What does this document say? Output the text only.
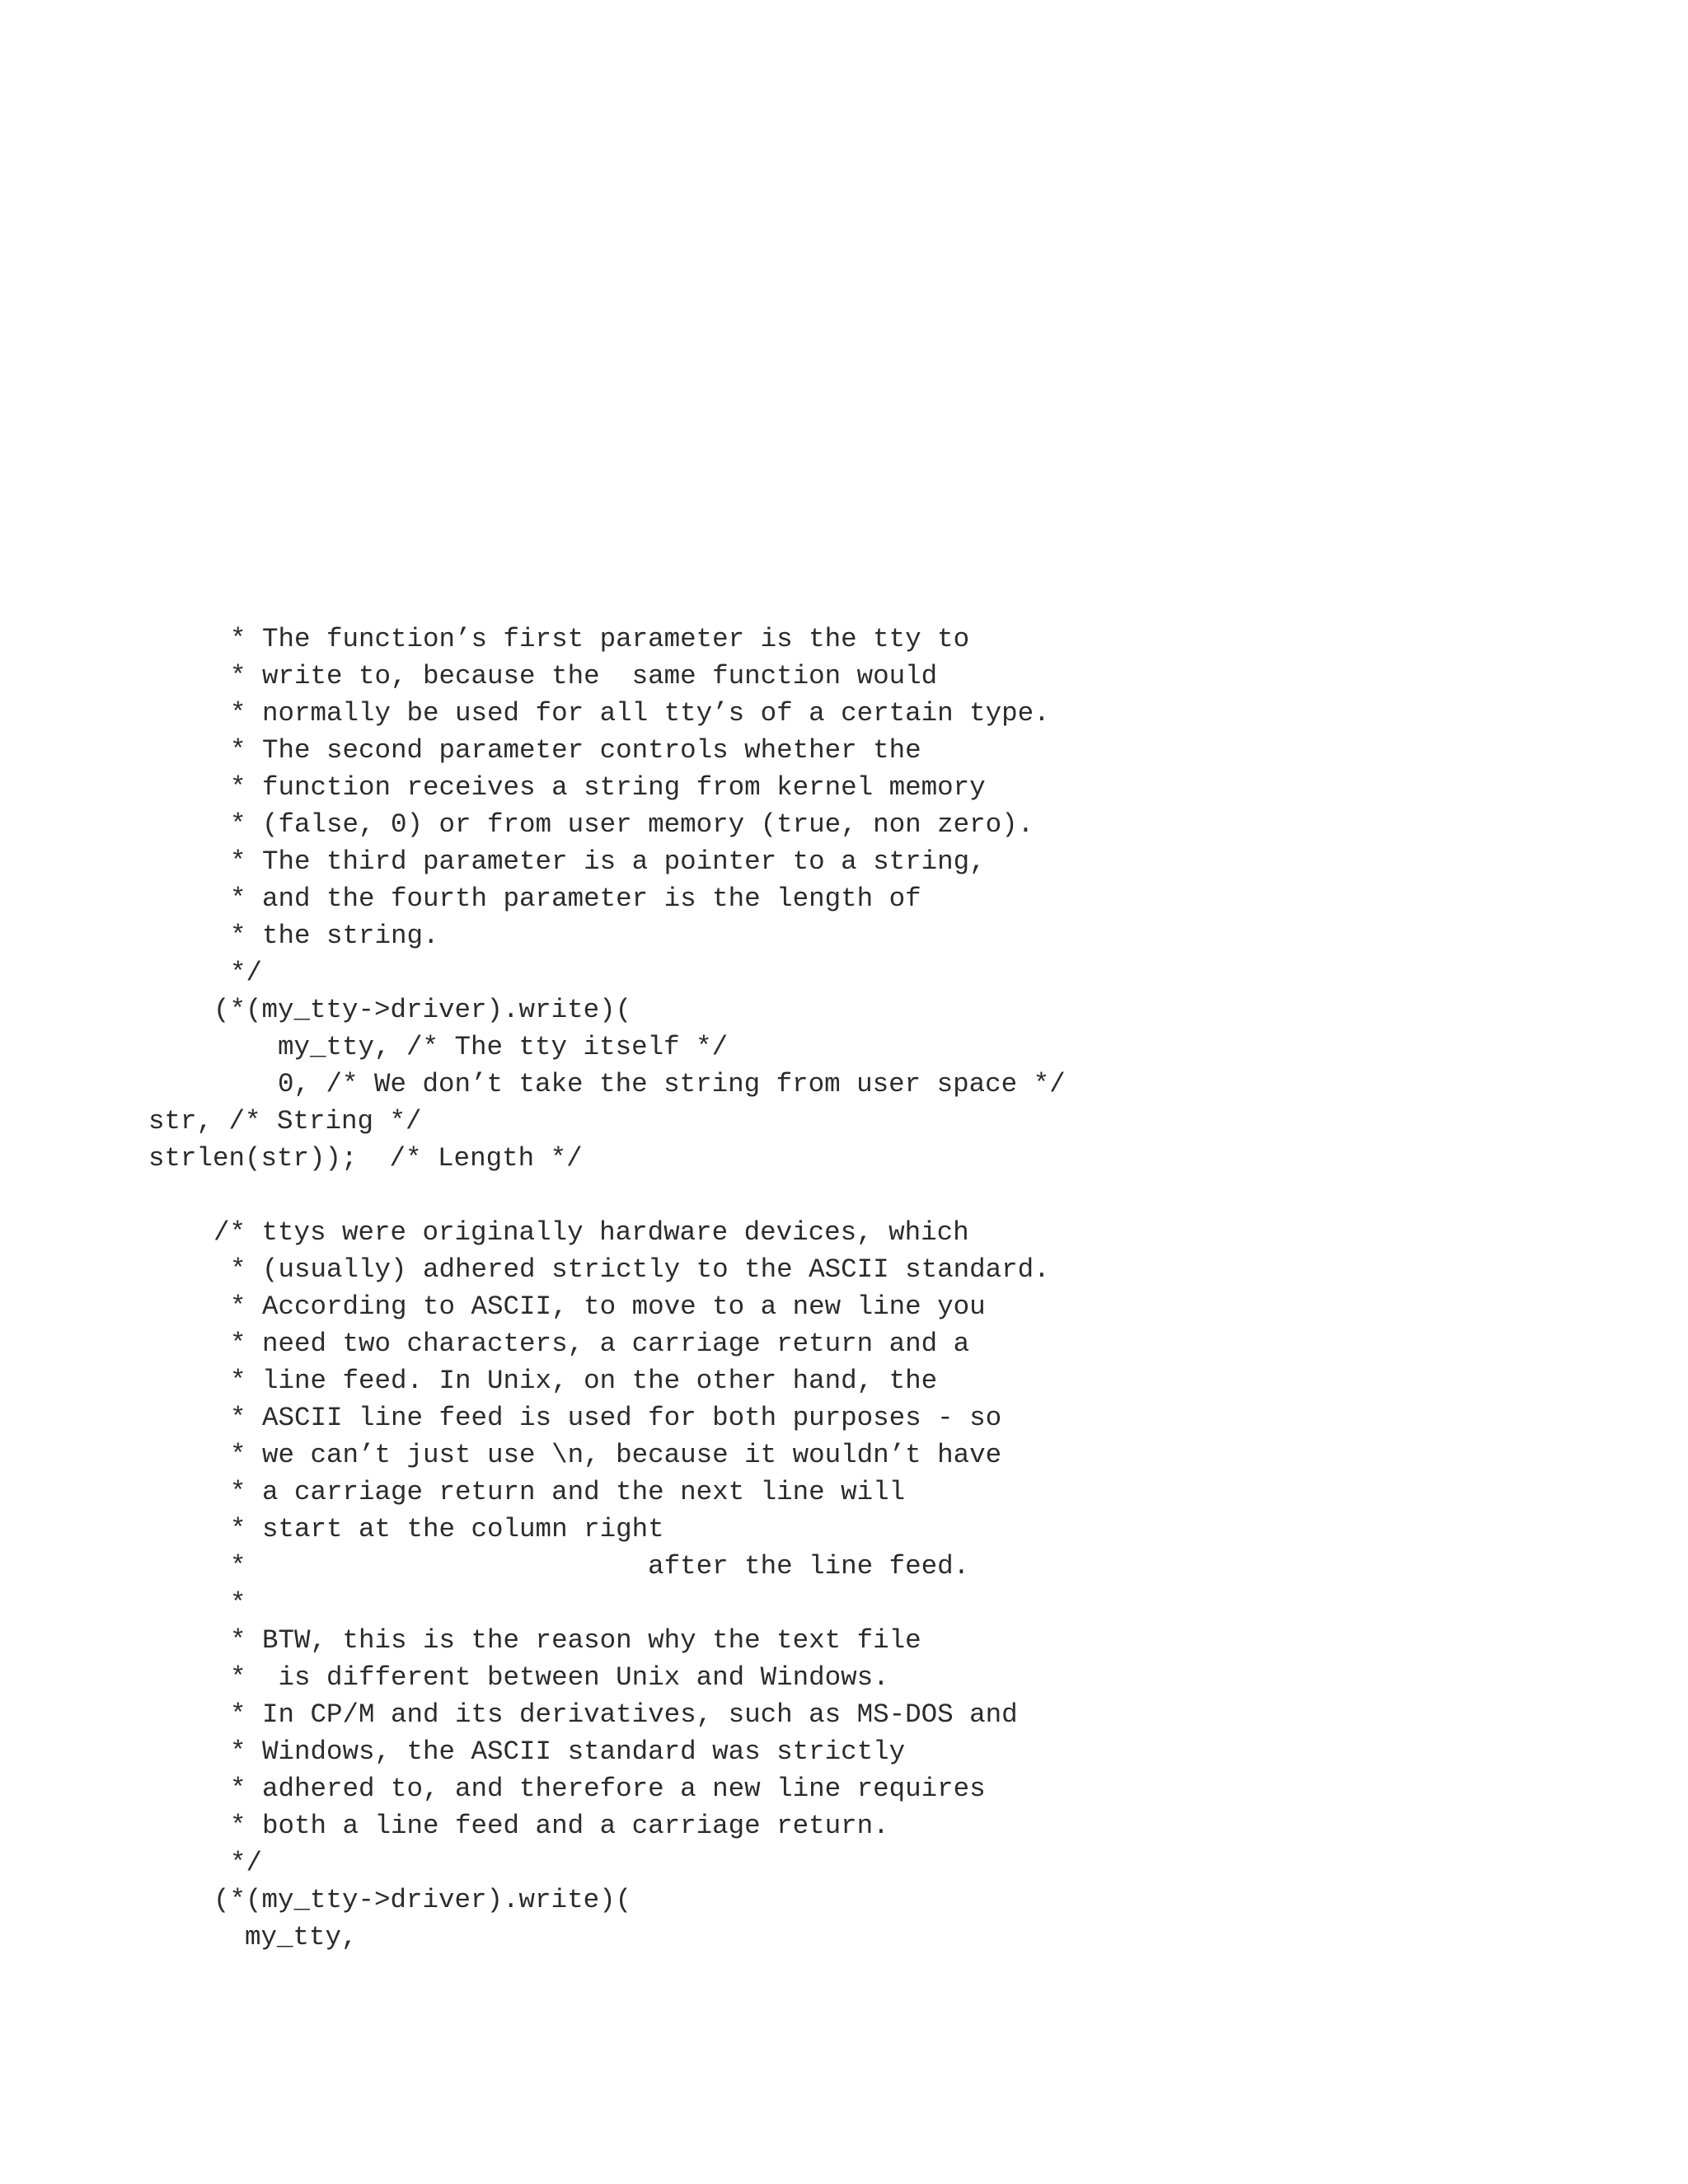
* The function’s first parameter is the tty to
* write to, because the  same function would
* normally be used for all tty’s of a certain type.
* The second parameter controls whether the
* function receives a string from kernel memory
* (false, 0) or from user memory (true, non zero).
* The third parameter is a pointer to a string,
* and the fourth parameter is the length of
* the string.
*/
(*(my_tty->driver).write)(
my_tty, /* The tty itself */
0, /* We don’t take the string from user space */
str, /* String */
strlen(str));  /* Length */
/* ttys were originally hardware devices, which
* (usually) adhered strictly to the ASCII standard.
* According to ASCII, to move to a new line you
* need two characters, a carriage return and a
* line feed. In Unix, on the other hand, the
* ASCII line feed is used for both purposes - so
* we can’t just use \n, because it wouldn’t have
* a carriage return and the next line will
* start at the column right
*                         after the line feed.
*
* BTW, this is the reason why the text file
*  is different between Unix and Windows.
* In CP/M and its derivatives, such as MS-DOS and
* Windows, the ASCII standard was strictly
* adhered to, and therefore a new line requires
* both a line feed and a carriage return.
*/
(*(my_tty->driver).write)(
my_tty,
